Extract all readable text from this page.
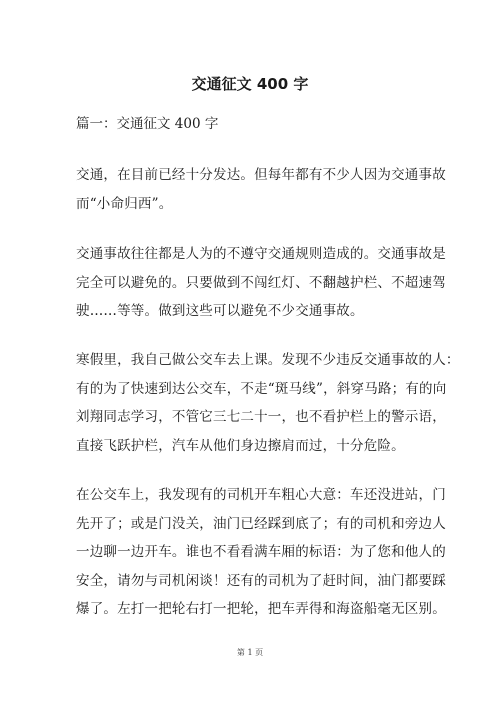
交通征文 400 字

篇一：交通征文 400 字

交通，在目前已经十分发达。但每年都有不少人因为交通事故
而“小命归西”。
交通事故往往都是人为的不遵守交通规则造成的。交通事故是
完全可以避免的。只要做到不闯红灯、不翻越护栏、不超速驾
驶……等等。做到这些可以避免不少交通事故。
寒假里，我自己做公交车去上课。发现不少违反交通事故的人：
有的为了快速到达公交车，不走“斑马线”，斜穿马路；有的向
刘翔同志学习，不管它三七二十一，也不看护栏上的警示语，
直接飞跃护栏，汽车从他们身边擦肩而过，十分危险。
在公交车上，我发现有的司机开车粗心大意：车还没进站，门
先开了；或是门没关，油门已经踩到底了；有的司机和旁边人
一边聊一边开车。谁也不看看满车厢的标语：为了您和他人的
安全，请勿与司机闲谈！还有的司机为了赶时间，油门都要踩
爆了。左打一把轮右打一把轮，把车弄得和海盗船毫无区别。
第 1 页
